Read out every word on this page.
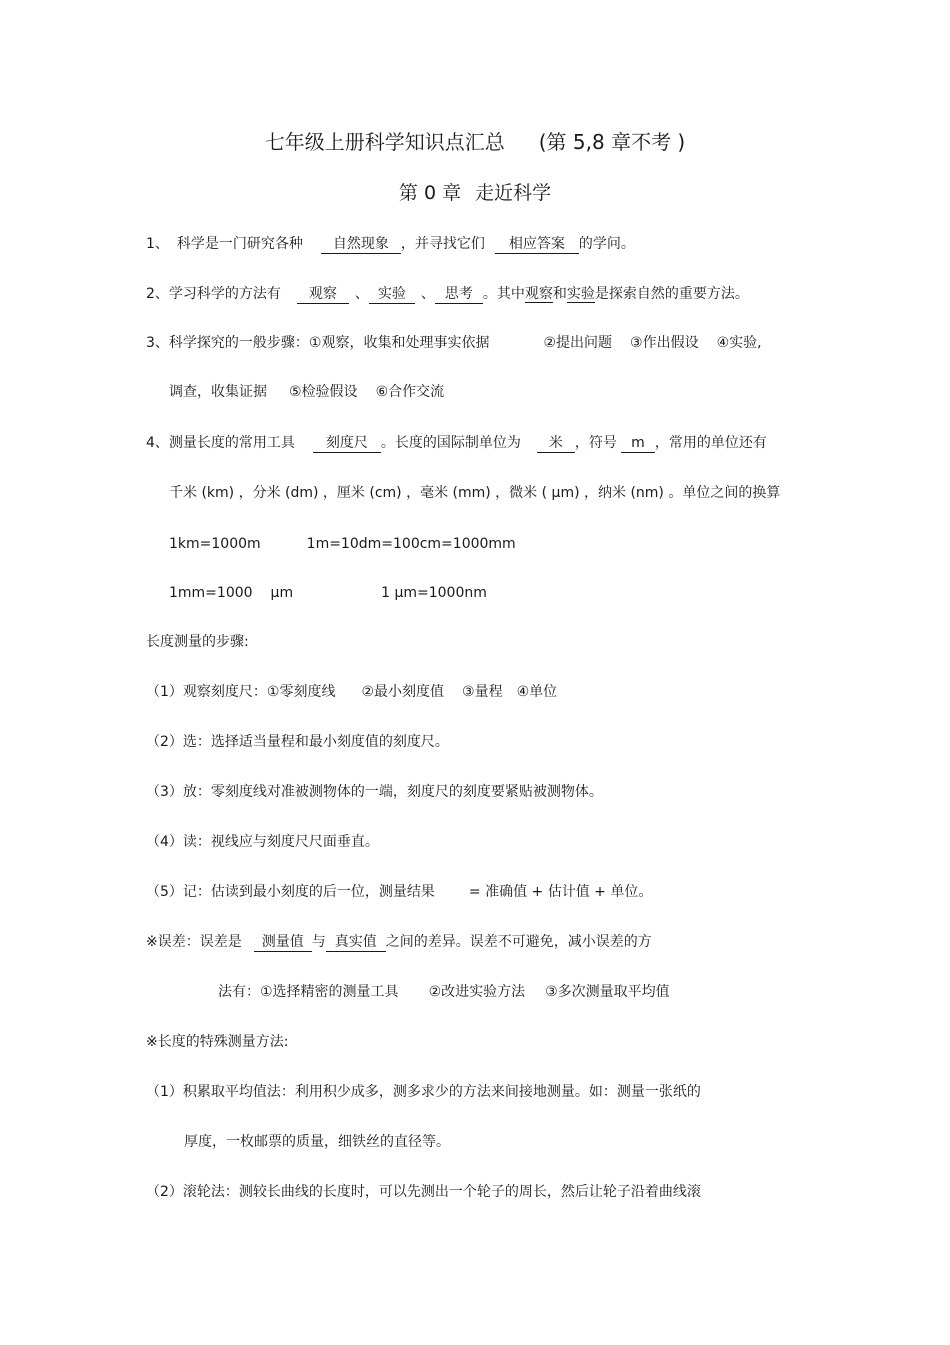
七年级上册科学知识点汇总 (第 5,8 章不考 )
第 0 章 走近科学
1、 科学是一门研究各种 自然现象 ，并寻找它们 相应答案 的学问。
2、学习科学的方法有 观察 、 实验 、 思考 。其中观察和实验是探索自然的重要方法。
3、科学探究的一般步骤：①观察，收集和处理事实依据	②提出问题 ③作出假设 ④实验,
调查，收集证据 ⑤检验假设 ⑥合作交流
4、测量长度的常用工具 刻度尺 。长度的国际制单位为 米 ，符号 m ，常用的单位还有
千米 (km) ，分米 (dm) ，厘米 (cm) ，毫米 (mm) ，微米 ( µm) ，纳米 (nm) 。单位之间的换算
1km=1000m	1m=10dm=100cm=1000mm
1mm=1000 µm	1 µm=1000nm
长度测量的步骤:
（1）观察刻度尺：①零刻度线 ②最小刻度值 ③量程 ④单位
（2）选：选择适当量程和最小刻度值的刻度尺。
（3）放：零刻度线对准被测物体的一端，刻度尺的刻度要紧贴被测物体。
（4）读：视线应与刻度尺尺面垂直。
（5）记：估读到最小刻度的后一位，测量结果 = 准确值 + 估计值 + 单位。
※误差：误差是 测量值 与 真实值 之间的差异。误差不可避免，减小误差的方
法有：①选择精密的测量工具 ②改进实验方法 ③多次测量取平均值
※长度的特殊测量方法:
（1）积累取平均值法：利用积少成多，测多求少的方法来间接地测量。如：测量一张纸的
厚度，一枚邮票的质量，细铁丝的直径等。
（2）滚轮法：测较长曲线的长度时，可以先测出一个轮子的周长，然后让轮子沿着曲线滚
